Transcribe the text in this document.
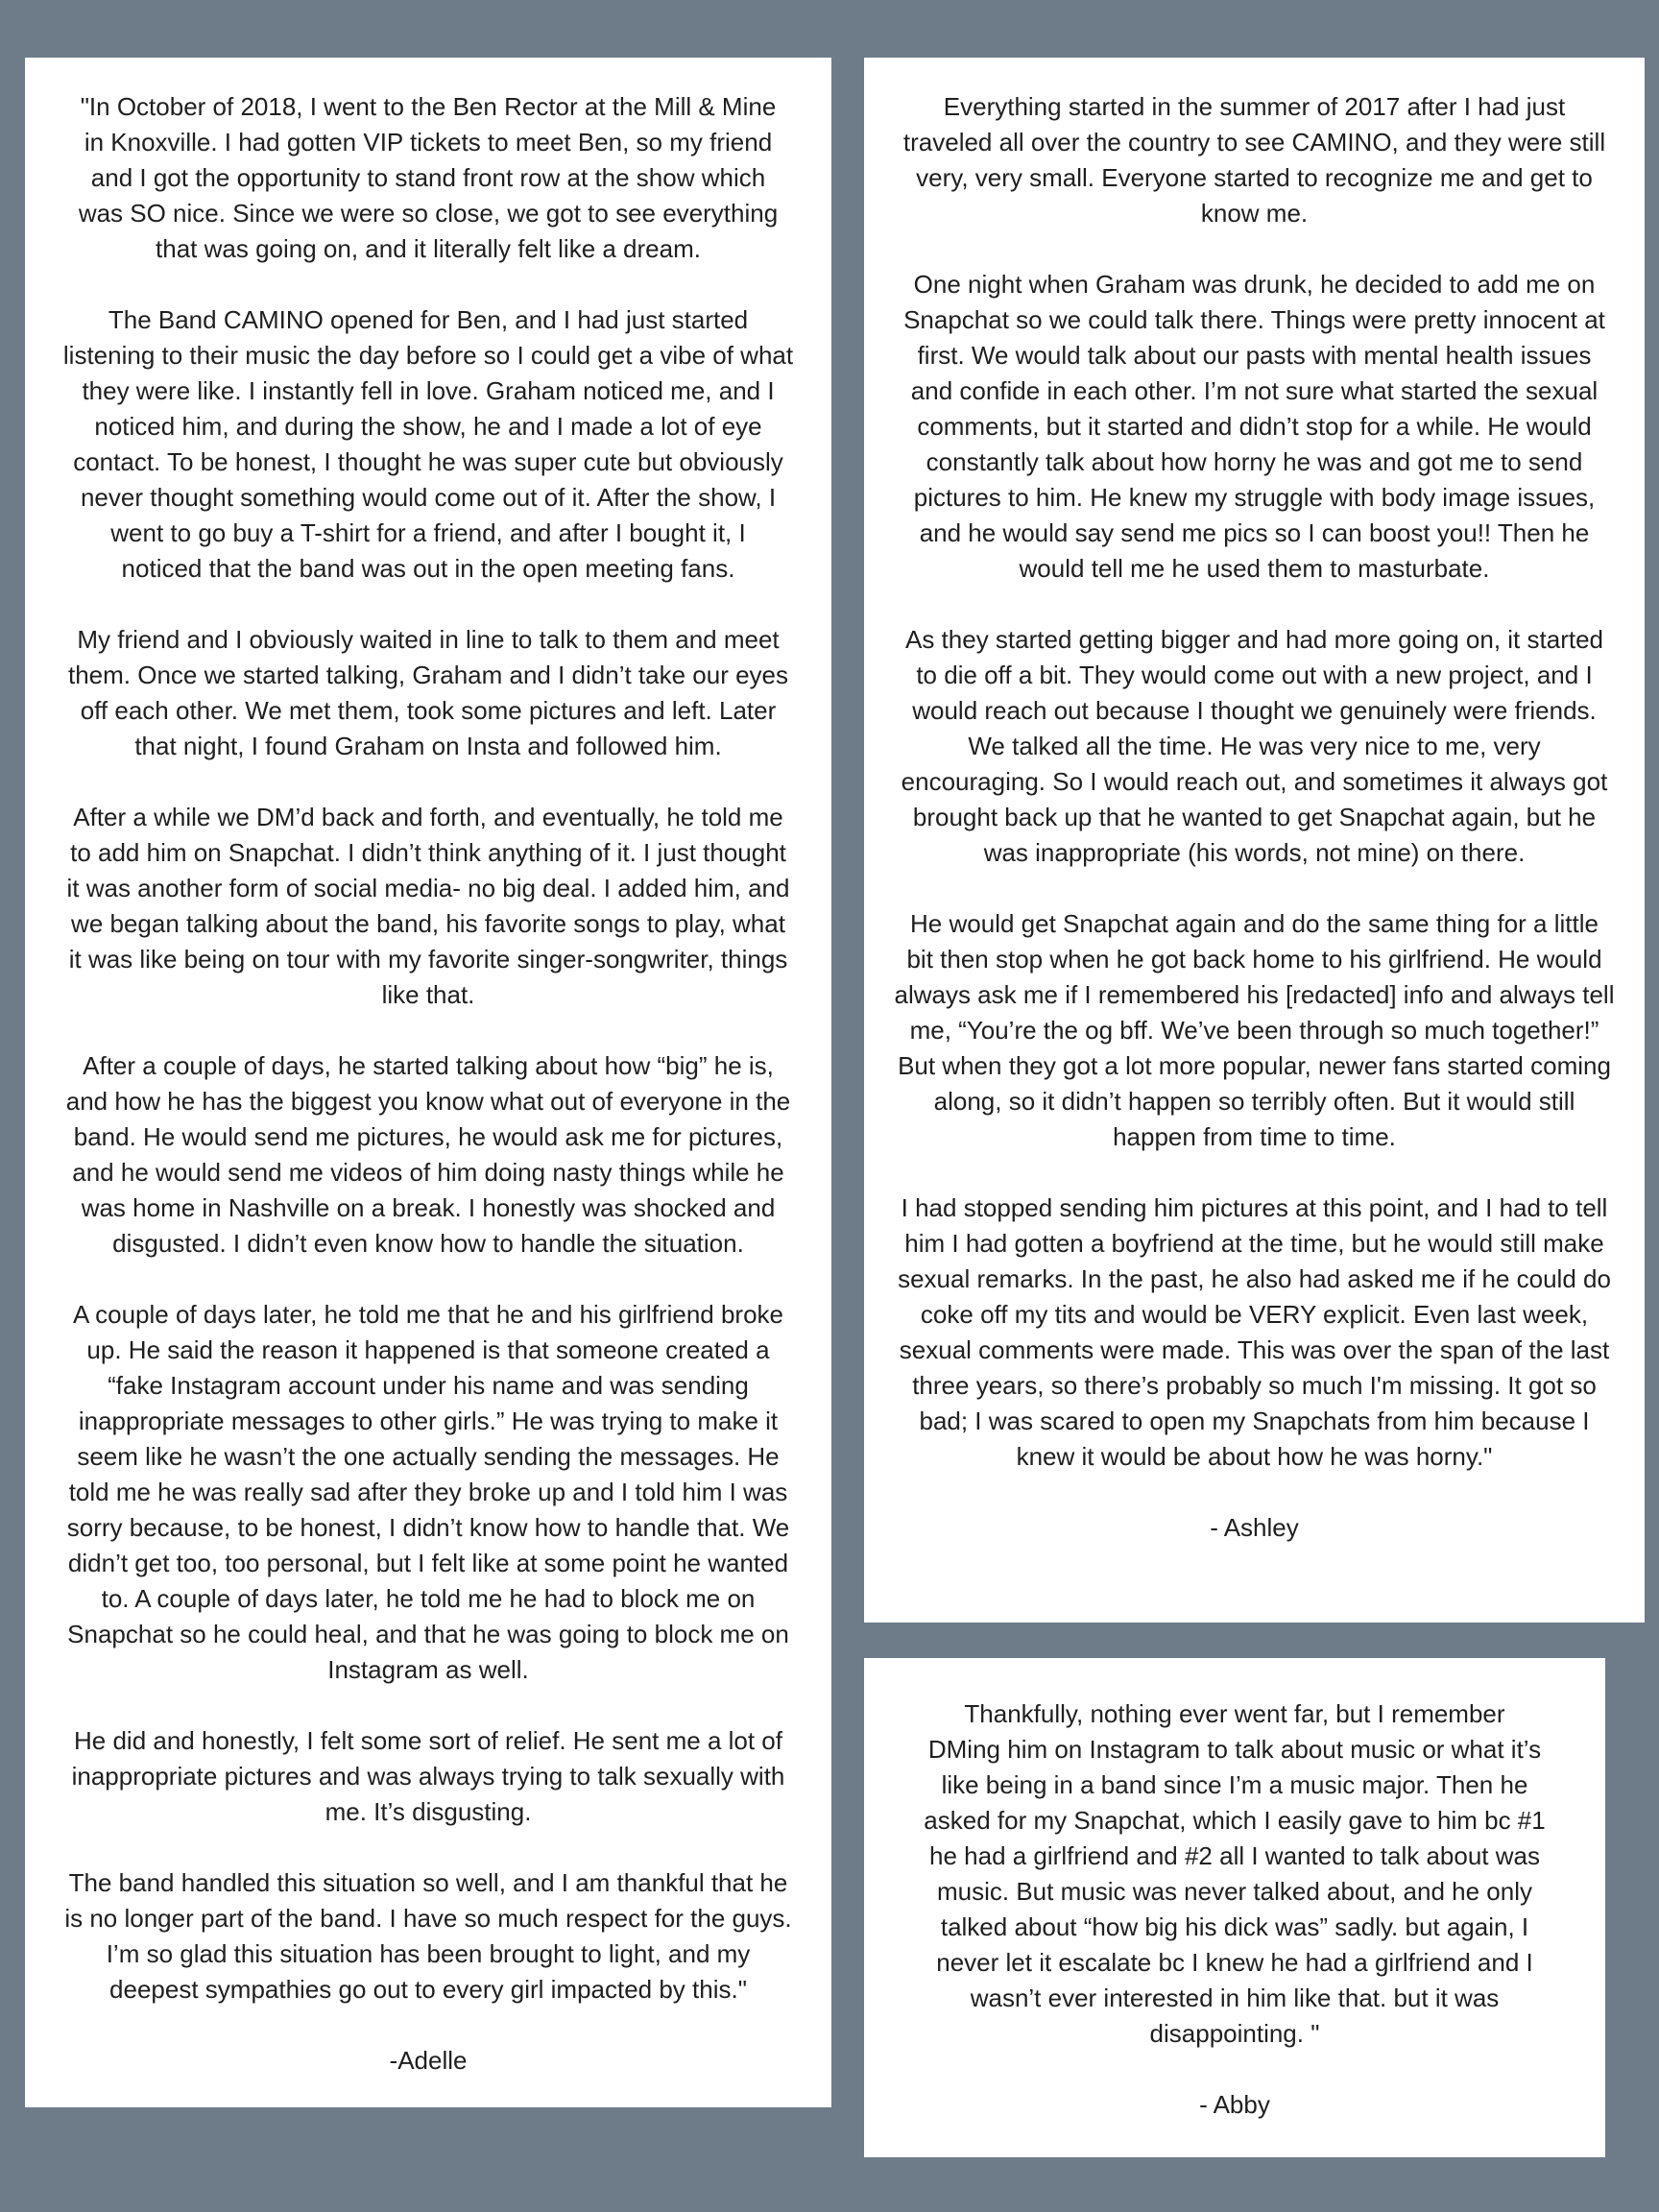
"In October of 2018, I went to the Ben Rector at the Mill & Mine
in Knoxville. I had gotten VIP tickets to meet Ben, so my friend
and I got the opportunity to stand front row at the show which
was SO nice. Since we were so close, we got to see everything
that was going on, and it literally felt like a dream.

The Band CAMINO opened for Ben, and I had just started
listening to their music the day before so I could get a vibe of what
they were like. I instantly fell in love. Graham noticed me, and I
noticed him, and during the show, he and I made a lot of eye
contact. To be honest, I thought he was super cute but obviously
never thought something would come out of it. After the show, I
went to go buy a T-shirt for a friend, and after I bought it, I
noticed that the band was out in the open meeting fans.

My friend and I obviously waited in line to talk to them and meet
them. Once we started talking, Graham and I didn’t take our eyes
off each other. We met them, took some pictures and left. Later
that night, I found Graham on Insta and followed him.

After a while we DM’d back and forth, and eventually, he told me
to add him on Snapchat. I didn’t think anything of it. I just thought
it was another form of social media- no big deal. I added him, and
we began talking about the band, his favorite songs to play, what
it was like being on tour with my favorite singer-songwriter, things
like that.

After a couple of days, he started talking about how “big” he is,
and how he has the biggest you know what out of everyone in the
band. He would send me pictures, he would ask me for pictures,
and he would send me videos of him doing nasty things while he
was home in Nashville on a break. I honestly was shocked and
disgusted. I didn’t even know how to handle the situation.

A couple of days later, he told me that he and his girlfriend broke
up. He said the reason it happened is that someone created a
“fake Instagram account under his name and was sending
inappropriate messages to other girls.” He was trying to make it
seem like he wasn’t the one actually sending the messages. He
told me he was really sad after they broke up and I told him I was
sorry because, to be honest, I didn’t know how to handle that. We
didn’t get too, too personal, but I felt like at some point he wanted
to. A couple of days later, he told me he had to block me on
Snapchat so he could heal, and that he was going to block me on
Instagram as well.

He did and honestly, I felt some sort of relief. He sent me a lot of
inappropriate pictures and was always trying to talk sexually with
me. It’s disgusting.

The band handled this situation so well, and I am thankful that he
is no longer part of the band. I have so much respect for the guys.
I’m so glad this situation has been brought to light, and my
deepest sympathies go out to every girl impacted by this."

-Adelle

Everything started in the summer of 2017 after I had just
traveled all over the country to see CAMINO, and they were still
very, very small. Everyone started to recognize me and get to
know me.

One night when Graham was drunk, he decided to add me on
Snapchat so we could talk there. Things were pretty innocent at
first. We would talk about our pasts with mental health issues
and confide in each other. I’m not sure what started the sexual
comments, but it started and didn’t stop for a while. He would
constantly talk about how horny he was and got me to send
pictures to him. He knew my struggle with body image issues,
and he would say send me pics so I can boost you!! Then he
would tell me he used them to masturbate.

As they started getting bigger and had more going on, it started
to die off a bit. They would come out with a new project, and I
would reach out because I thought we genuinely were friends.
We talked all the time. He was very nice to me, very
encouraging. So I would reach out, and sometimes it always got
brought back up that he wanted to get Snapchat again, but he
was inappropriate (his words, not mine) on there.

He would get Snapchat again and do the same thing for a little
bit then stop when he got back home to his girlfriend. He would
always ask me if I remembered his [redacted] info and always tell
me, “You’re the og bff. We’ve been through so much together!”
But when they got a lot more popular, newer fans started coming
along, so it didn’t happen so terribly often. But it would still
happen from time to time.

I had stopped sending him pictures at this point, and I had to tell
him I had gotten a boyfriend at the time, but he would still make
sexual remarks. In the past, he also had asked me if he could do
coke off my tits and would be VERY explicit. Even last week,
sexual comments were made. This was over the span of the last
three years, so there’s probably so much I'm missing. It got so
bad; I was scared to open my Snapchats from him because I
knew it would be about how he was horny."

- Ashley

Thankfully, nothing ever went far, but I remember
DMing him on Instagram to talk about music or what it’s
like being in a band since I’m a music major. Then he
asked for my Snapchat, which I easily gave to him bc #1
he had a girlfriend and #2 all I wanted to talk about was
music. But music was never talked about, and he only
talked about “how big his dick was” sadly. but again, I
never let it escalate bc I knew he had a girlfriend and I
wasn’t ever interested in him like that. but it was
disappointing. "

- Abby
